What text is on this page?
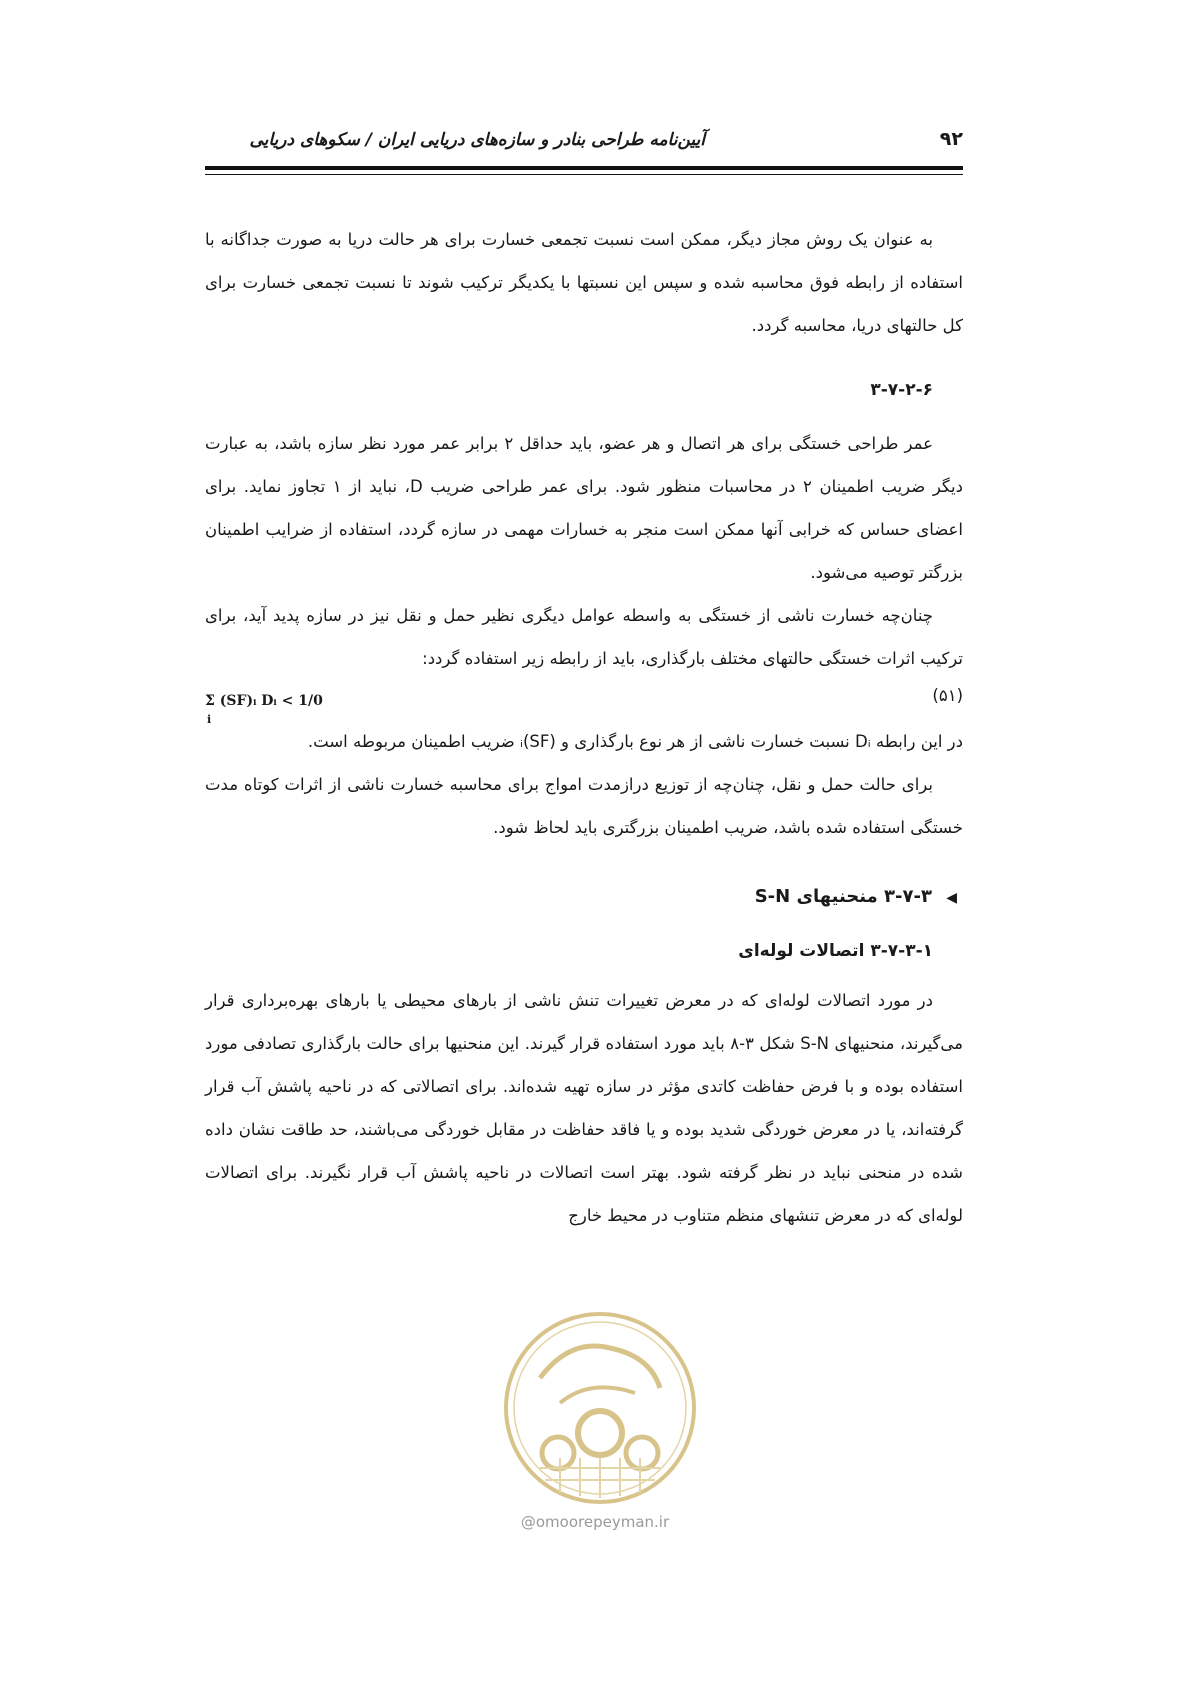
آیین‌نامه طراحی بنادر و سازه‌های دریایی ایران / سکوهای دریایی	۹۲

به عنوان یک روش مجاز دیگر، ممکن است نسبت تجمعی خسارت برای هر حالت دریا به صورت جداگانه با استفاده از رابطه فوق محاسبه شده و سپس این نسبتها با یکدیگر ترکیب شوند تا نسبت تجمعی خسارت برای کل حالتهای دریا، محاسبه گردد.

۳-۷-۲-۶

عمر طراحی خستگی برای هر اتصال و هر عضو، باید حداقل ۲ برابر عمر مورد نظر سازه باشد، به عبارت دیگر ضریب اطمینان ۲ در محاسبات منظور شود. برای عمر طراحی ضریب D، نباید از ۱ تجاوز نماید. برای اعضای حساس که خرابی آنها ممکن است منجر به خسارات مهمی در سازه گردد، استفاده از ضرایب اطمینان بزرگتر توصیه می‌شود.

چنان‌چه خسارت ناشی از خستگی به واسطه عوامل دیگری نظیر حمل و نقل نیز در سازه پدید آید، برای ترکیب اثرات خستگی حالتهای مختلف بارگذاری، باید از رابطه زیر استفاده گردد:

Σ (SF)ᵢ Dᵢ < 1/0
i
(۵۱)

در این رابطه Dᵢ نسبت خسارت ناشی از هر نوع بارگذاری و (SF)ᵢ ضریب اطمینان مربوطه است.

برای حالت حمل و نقل، چنان‌چه از توزیع درازمدت امواج برای محاسبه خسارت ناشی از اثرات کوتاه مدت خستگی استفاده شده باشد، ضریب اطمینان بزرگتری باید لحاظ شود.

◀ ۳-۷-۳ منحنیهای S-N
۳-۷-۳-۱ اتصالات لوله‌ای

در مورد اتصالات لوله‌ای که در معرض تغییرات تنش ناشی از بارهای محیطی یا بارهای بهره‌برداری قرار می‌گیرند، منحنیهای S-N شکل ۳-۸ باید مورد استفاده قرار گیرند. این منحنیها برای حالت بارگذاری تصادفی مورد استفاده بوده و با فرض حفاظت کاتدی مؤثر در سازه تهیه شده‌اند. برای اتصالاتی که در ناحیه پاشش آب قرار گرفته‌اند، یا در معرض خوردگی شدید بوده و یا فاقد حفاظت در مقابل خوردگی می‌باشند، حد طاقت نشان داده شده در منحنی نباید در نظر گرفته شود. بهتر است اتصالات در ناحیه پاشش آب قرار نگیرند. برای اتصالات لوله‌ای که در معرض تنشهای منظم متناوب در محیط خارج

@omoorepeyman.ir
